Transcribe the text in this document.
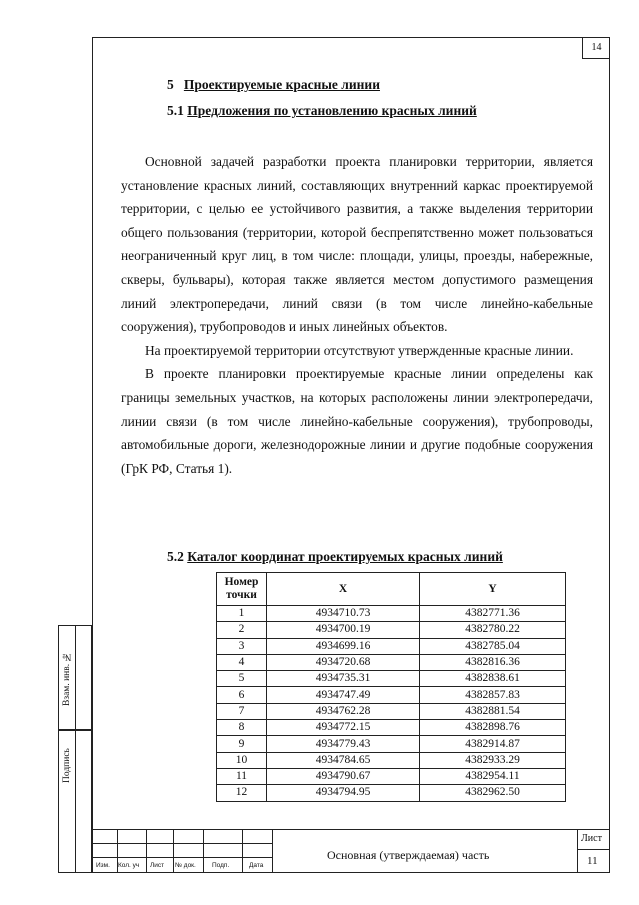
14
5 Проектируемые красные линии
5.1 Предложения по установлению красных линий

Основной задачей разработки проекта планировки территории, является установление красных линий, составляющих внутренний каркас проектируемой территории, с целью ее устойчивого развития, а также выделения территории общего пользования (территории, которой беспрепятственно может пользоваться неограниченный круг лиц, в том числе: площади, улицы, проезды, набережные, скверы, бульвары), которая также является местом допустимого размещения линий электропередачи, линий связи (в том числе линейно-кабельные сооружения), трубопроводов и иных линейных объектов.

На проектируемой территории отсутствуют утвержденные красные линии.

В проекте планировки проектируемые красные линии определены как границы земельных участков, на которых расположены линии электропередачи, линии связи (в том числе линейно-кабельные сооружения), трубопроводы, автомобильные дороги, железнодорожные линии и другие подобные сооружения (ГрК РФ, Статья 1).

5.2 Каталог координат проектируемых красных линий
Номер точки	X	Y
1	4934710.73	4382771.36
2	4934700.19	4382780.22
3	4934699.16	4382785.04
4	4934720.68	4382816.36
5	4934735.31	4382838.61
6	4934747.49	4382857.83
7	4934762.28	4382881.54
8	4934772.15	4382898.76
9	4934779.43	4382914.87
10	4934784.65	4382933.29
11	4934790.67	4382954.11
12	4934794.95	4382962.50
Взам. инв. №
Подпись
Изм. Кол. уч Лист № док. Подп.	Дата
Основная (утверждаемая) часть
Лист
11
